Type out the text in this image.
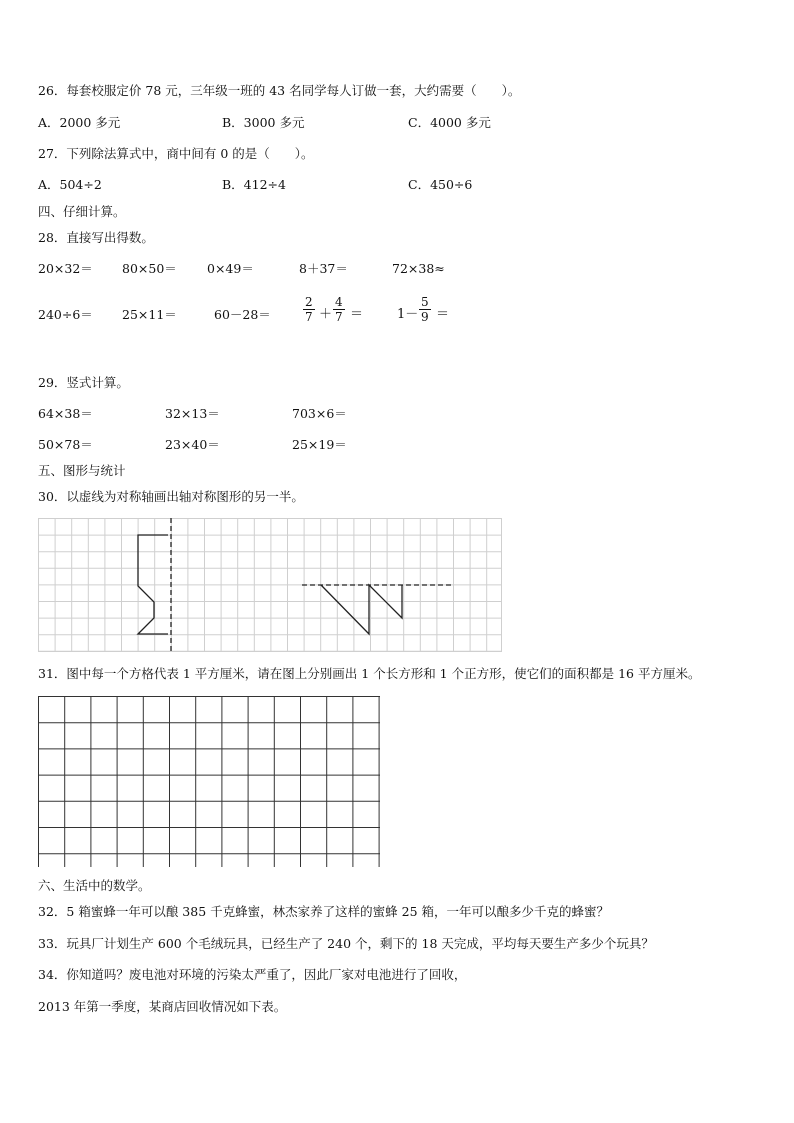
26．每套校服定价 78 元，三年级一班的 43 名同学每人订做一套，大约需要（　　）。
A．2000 多元	B．3000 多元	C．4000 多元
27．下列除法算式中，商中间有 0 的是（　　）。
A．504÷2	B．412÷4	C．450÷6
四、仔细计算。
28．直接写出得数。
20×32＝ 80×50＝ 0×49＝	8＋37＝	72×38≈
240÷6＝ 25×11＝	60－28＝	$\frac{2}{7} + \frac{4}{7}$ ＝	$1- \frac{5}{9}$ ＝
29．竖式计算。
64×38＝	32×13＝	703×6＝
50×78＝	23×40＝	25×19＝
五、图形与统计
30．以虚线为对称轴画出轴对称图形的另一半。
31．图中每一个方格代表 1 平方厘米，请在图上分别画出 1 个长方形和 1 个正方形，使它们的面积都是 16 平方厘米。
六、生活中的数学。
32．5 箱蜜蜂一年可以酿 385 千克蜂蜜，林杰家养了这样的蜜蜂 25 箱，一年可以酿多少千克的蜂蜜？
33．玩具厂计划生产 600 个毛绒玩具，已经生产了 240 个，剩下的 18 天完成，平均每天要生产多少个玩具？
34．你知道吗？废电池对环境的污染太严重了，因此厂家对电池进行了回收，
2013 年第一季度，某商店回收情况如下表。
